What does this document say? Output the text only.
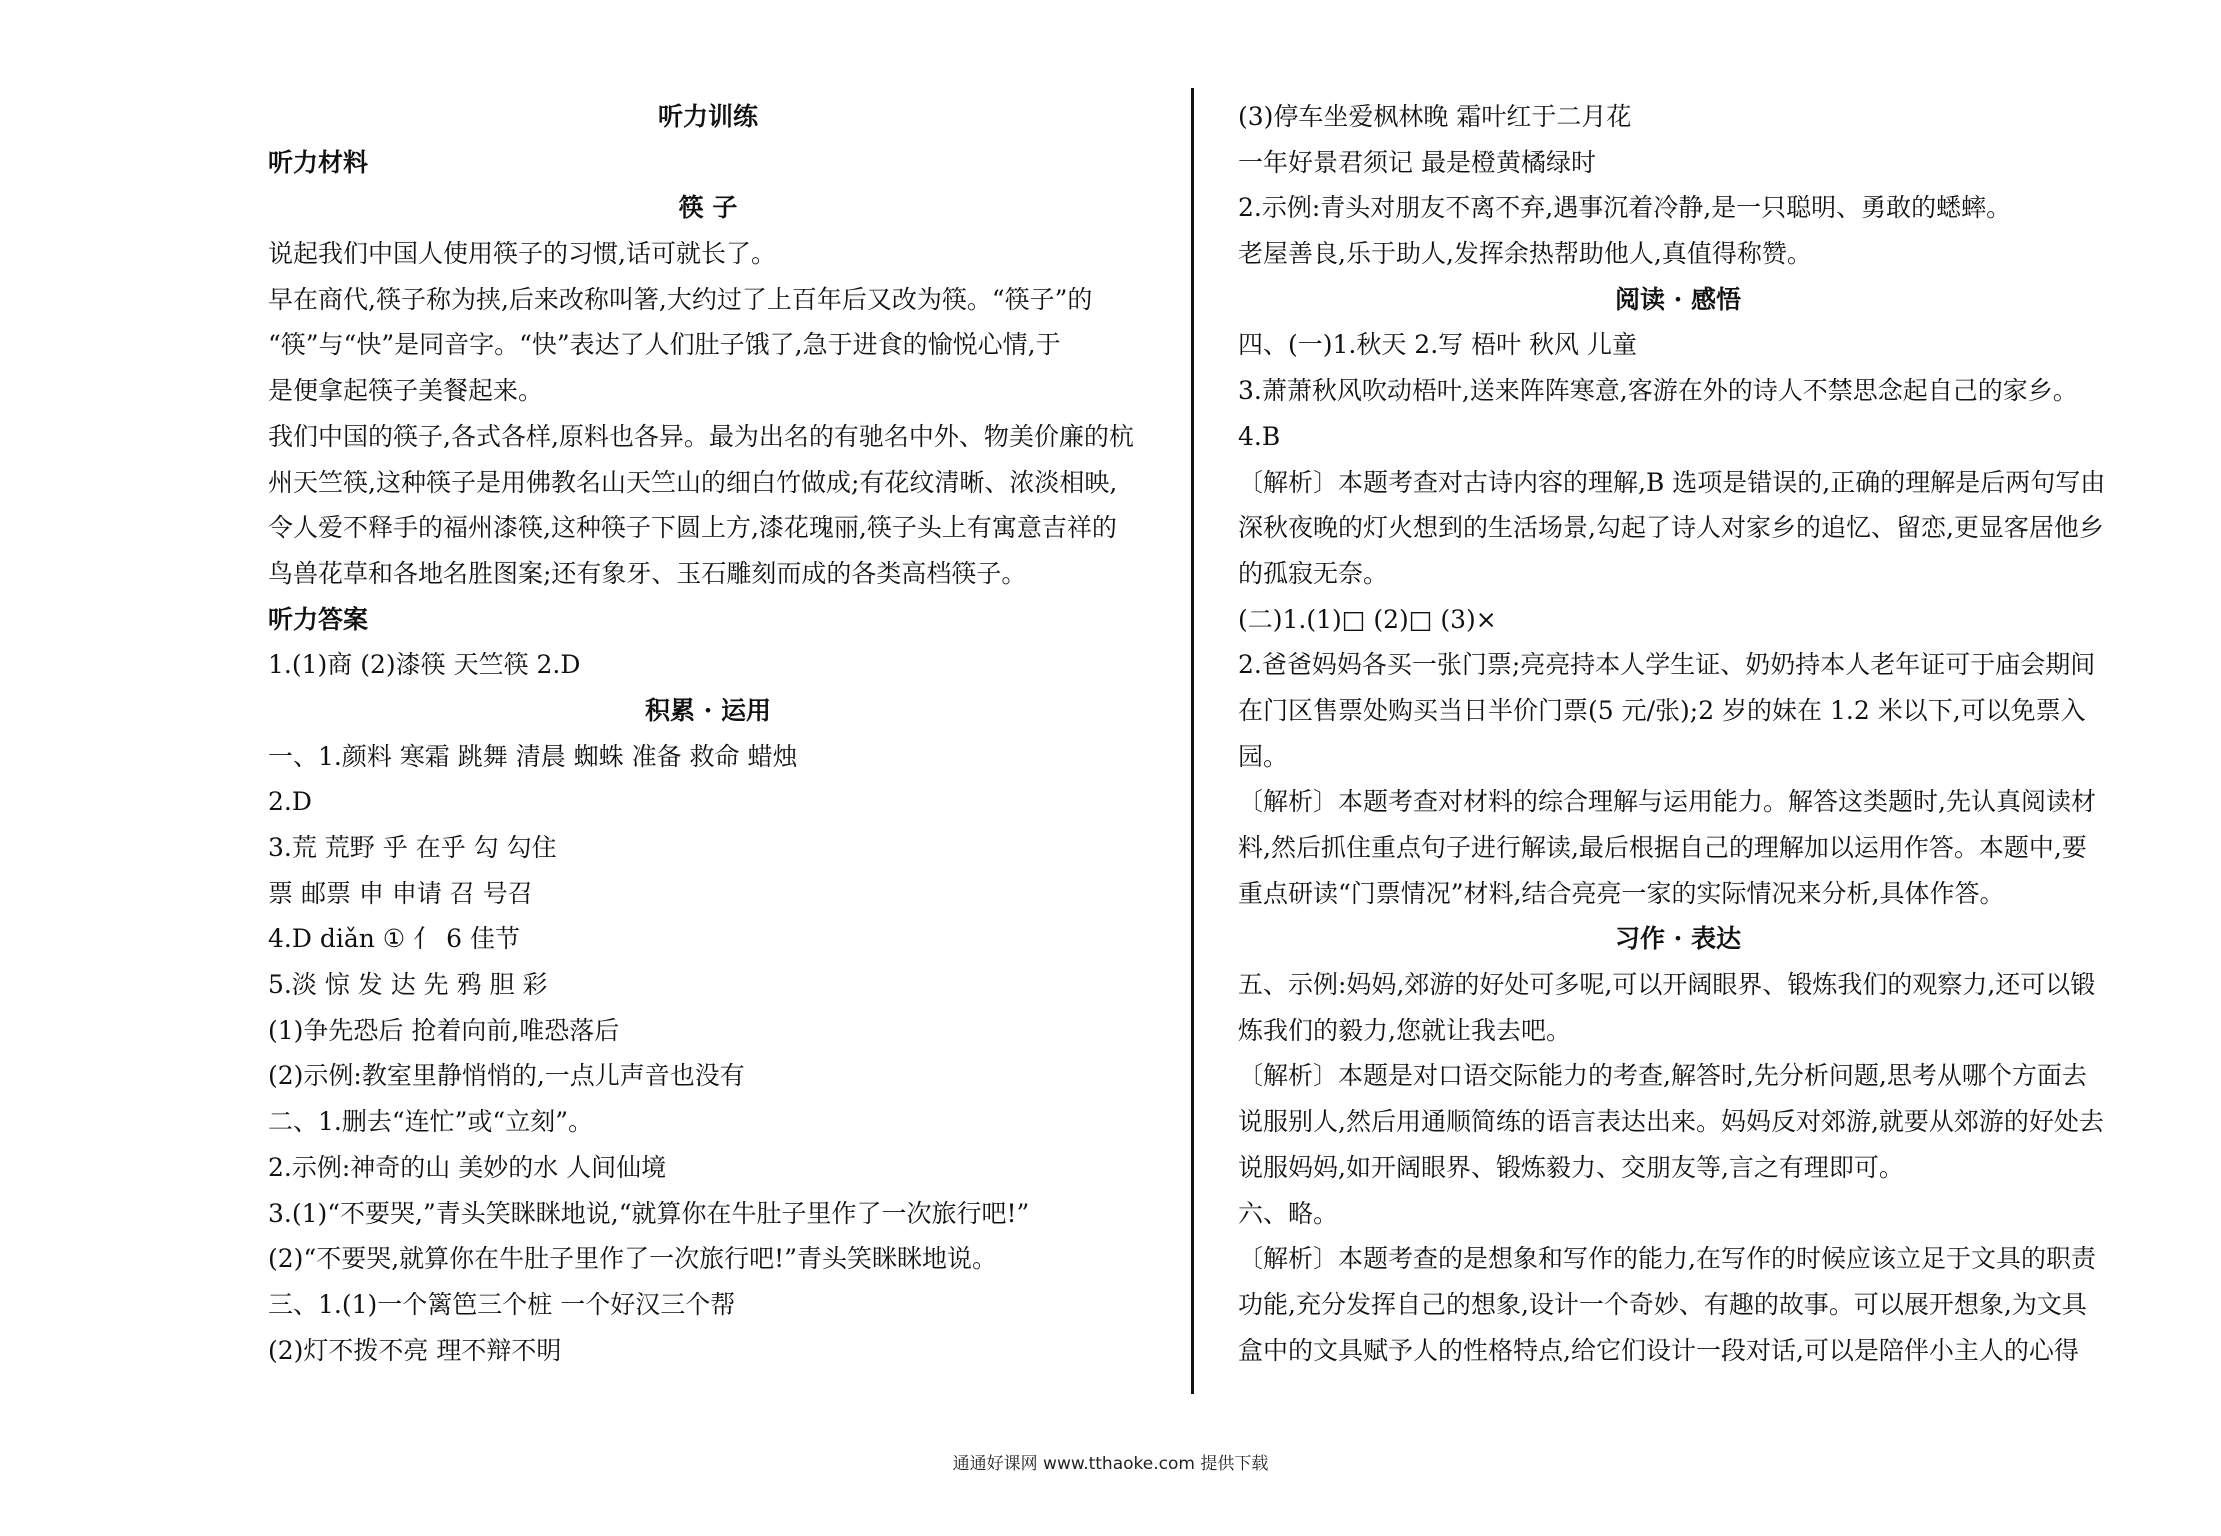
听力训练
听力材料
筷 子
说起我们中国人使用筷子的习惯,话可就长了。
早在商代,筷子称为挟,后来改称叫箸,大约过了上百年后又改为筷。“筷子”的
“筷”与“快”是同音字。“快”表达了人们肚子饿了,急于进食的愉悦心情,于
是便拿起筷子美餐起来。
我们中国的筷子,各式各样,原料也各异。最为出名的有驰名中外、物美价廉的杭
州天竺筷,这种筷子是用佛教名山天竺山的细白竹做成;有花纹清晰、浓淡相映,
令人爱不释手的福州漆筷,这种筷子下圆上方,漆花瑰丽,筷子头上有寓意吉祥的
鸟兽花草和各地名胜图案;还有象牙、玉石雕刻而成的各类高档筷子。
听力答案
1.(1)商 (2)漆筷 天竺筷 2.D
积累 · 运用
一、1.颜料 寒霜 跳舞 清晨 蜘蛛 准备 救命 蜡烛
2.D
3.荒 荒野 乎 在乎 勾 勾住
票 邮票 申 申请 召 号召
4.D diǎn ① 亻 6 佳节
5.淡 惊 发 达 先 鸦 胆 彩
(1)争先恐后 抢着向前,唯恐落后
(2)示例:教室里静悄悄的,一点儿声音也没有
二、1.删去“连忙”或“立刻”。
2.示例:神奇的山 美妙的水 人间仙境
3.(1)“不要哭,”青头笑眯眯地说,“就算你在牛肚子里作了一次旅行吧!”
(2)“不要哭,就算你在牛肚子里作了一次旅行吧!”青头笑眯眯地说。
三、1.(1)一个篱笆三个桩 一个好汉三个帮
(2)灯不拨不亮 理不辩不明
(3)停车坐爱枫林晚 霜叶红于二月花
一年好景君须记 最是橙黄橘绿时
2.示例:青头对朋友不离不弃,遇事沉着冷静,是一只聪明、勇敢的蟋蟀。
老屋善良,乐于助人,发挥余热帮助他人,真值得称赞。
阅读 · 感悟
四、(一)1.秋天 2.写 梧叶 秋风 儿童
3.萧萧秋风吹动梧叶,送来阵阵寒意,客游在外的诗人不禁思念起自己的家乡。
4.B
〔解析〕本题考查对古诗内容的理解,B 选项是错误的,正确的理解是后两句写由
深秋夜晚的灯火想到的生活场景,勾起了诗人对家乡的追忆、留恋,更显客居他乡
的孤寂无奈。
(二)1.(1)□ (2)□ (3)×
2.爸爸妈妈各买一张门票;亮亮持本人学生证、奶奶持本人老年证可于庙会期间
在门区售票处购买当日半价门票(5 元/张);2 岁的妹在 1.2 米以下,可以免票入
园。
〔解析〕本题考查对材料的综合理解与运用能力。解答这类题时,先认真阅读材
料,然后抓住重点句子进行解读,最后根据自己的理解加以运用作答。本题中,要
重点研读“门票情况”材料,结合亮亮一家的实际情况来分析,具体作答。
习作 · 表达
五、示例:妈妈,郊游的好处可多呢,可以开阔眼界、锻炼我们的观察力,还可以锻
炼我们的毅力,您就让我去吧。
〔解析〕本题是对口语交际能力的考查,解答时,先分析问题,思考从哪个方面去
说服别人,然后用通顺简练的语言表达出来。妈妈反对郊游,就要从郊游的好处去
说服妈妈,如开阔眼界、锻炼毅力、交朋友等,言之有理即可。
六、略。
〔解析〕本题考查的是想象和写作的能力,在写作的时候应该立足于文具的职责
功能,充分发挥自己的想象,设计一个奇妙、有趣的故事。可以展开想象,为文具
盒中的文具赋予人的性格特点,给它们设计一段对话,可以是陪伴小主人的心得
通通好课网 www.tthaoke.com 提供下载
